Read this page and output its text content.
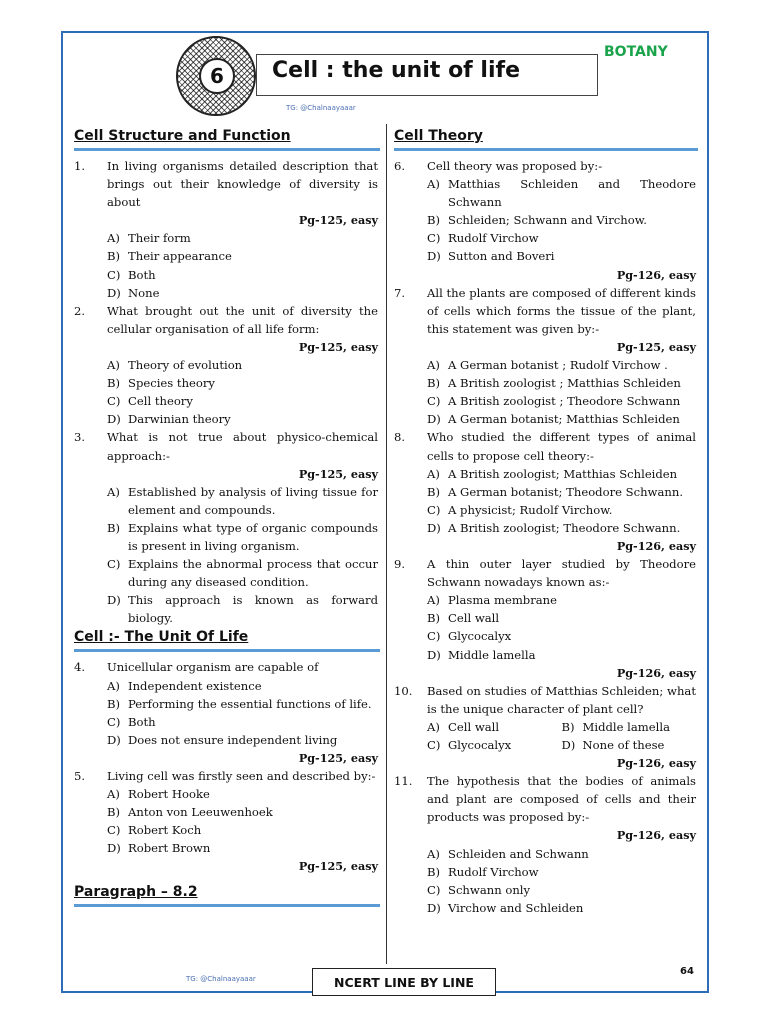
6	Cell : the unit of life
BOTANY
TG: @Chalnaayaaar
Cell Structure and Function
1.	In living organisms detailed description that brings out their knowledge of diversity is about
Pg-125, easy
A) Their form
B) Their appearance
C) Both
D) None
2.	What brought out the unit of diversity the cellular organisation of all life form:
Pg-125, easy
A) Theory of evolution
B) Species theory
C) Cell theory
D) Darwinian theory
3.	What is not true about physico-chemical approach:-
Pg-125, easy
A) Established by analysis of living tissue for element and compounds.
B) Explains what type of organic compounds is present in living organism.
C) Explains the abnormal process that occur during any diseased condition.
D) This approach is known as forward biology.
Cell :- The Unit Of Life
4.	Unicellular organism are capable of
A) Independent existence
B) Performing the essential functions of life.
C) Both
D) Does not ensure independent living
Pg-125, easy
5.	Living cell was firstly seen and described by:-
A) Robert Hooke
B) Anton von Leeuwenhoek
C) Robert Koch
D) Robert Brown
Pg-125, easy
Paragraph – 8.2
Cell Theory
6.	Cell theory was proposed by:-
A) Matthias Schleiden and Theodore Schwann
B) Schleiden; Schwann and Virchow.
C) Rudolf Virchow
D) Sutton and Boveri
Pg-126, easy
7.	All the plants are composed of different kinds of cells which forms the tissue of the plant, this statement was given by:-
Pg-125, easy
A) A German botanist ; Rudolf Virchow .
B) A British zoologist ; Matthias Schleiden
C) A British zoologist ; Theodore Schwann
D) A German botanist; Matthias Schleiden
8.	Who studied the different types of animal cells to propose cell theory:-
A) A British zoologist; Matthias Schleiden
B) A German botanist; Theodore Schwann.
C) A physicist; Rudolf Virchow.
D) A British zoologist; Theodore Schwann.
Pg-126, easy
9.	A thin outer layer studied by Theodore Schwann nowadays known as:-
A) Plasma membrane
B) Cell wall
C) Glycocalyx
D) Middle lamella
Pg-126, easy
10.	Based on studies of Matthias Schleiden; what is the unique character of plant cell?
A) Cell wall	B) Middle lamella
C) Glycocalyx	D) None of these
Pg-126, easy
11.	The hypothesis that the bodies of animals and plant are composed of cells and their products was proposed by:-
Pg-126, easy
A) Schleiden and Schwann
B) Rudolf Virchow
C) Schwann only
D) Virchow and Schleiden
TG: @Chalnaayaaar	NCERT LINE BY LINE
64
